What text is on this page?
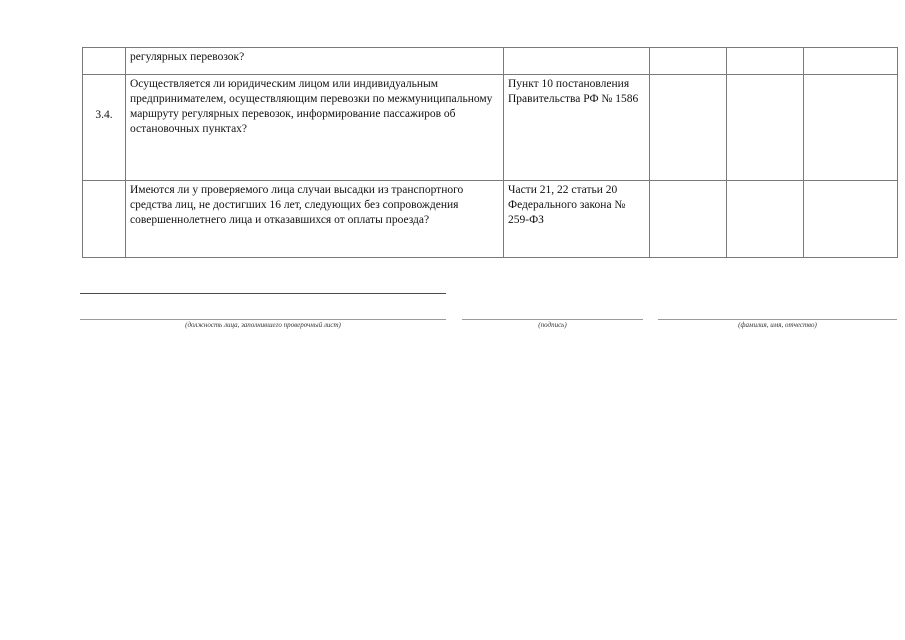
	регулярных перевозок?				
3.4.	Осуществляется ли юридическим лицом или индивидуальным предпринимателем, осуществляющим перевозки по межмуниципальному маршруту регулярных перевозок, информирование пассажиров об остановочных пунктах?	Пункт 10 постановления Правительства РФ № 1586			
	Имеются ли у проверяемого лица случаи высадки из транспортного средства лиц, не достигших 16 лет, следующих без сопровождения совершеннолетнего лица и отказавшихся от оплаты проезда?	Части 21, 22 статьи 20 Федерального закона № 259-ФЗ			
(должность лица, заполнившего проверочный лист)	(подпись)	(фамилия, имя, отчество)
